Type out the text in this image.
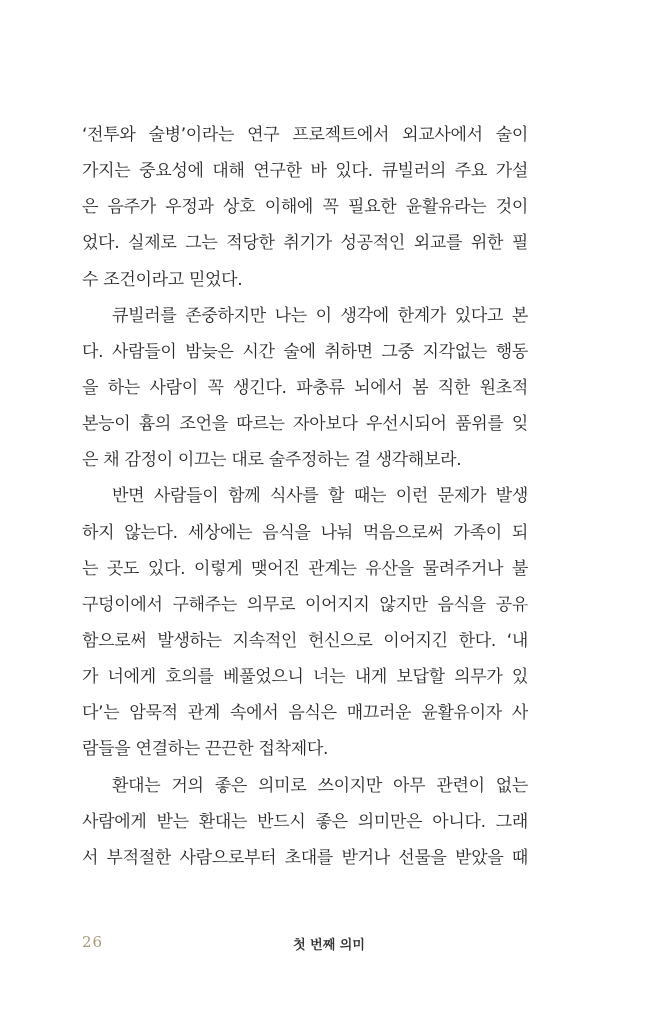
‘전투와 술병’이라는 연구 프로젝트에서 외교사에서 술이
가지는 중요성에 대해 연구한 바 있다. 큐빌러의 주요 가설
은 음주가 우정과 상호 이해에 꼭 필요한 윤활유라는 것이
었다. 실제로 그는 적당한 취기가 성공적인 외교를 위한 필
수 조건이라고 믿었다.
큐빌러를 존중하지만 나는 이 생각에 한계가 있다고 본
다. 사람들이 밤늦은 시간 술에 취하면 그중 지각없는 행동
을 하는 사람이 꼭 생긴다. 파충류 뇌에서 봄 직한 원초적
본능이 흄의 조언을 따르는 자아보다 우선시되어 품위를 잊
은 채 감정이 이끄는 대로 술주정하는 걸 생각해보라.
반면 사람들이 함께 식사를 할 때는 이런 문제가 발생
하지 않는다. 세상에는 음식을 나눠 먹음으로써 가족이 되
는 곳도 있다. 이렇게 맺어진 관계는 유산을 물려주거나 불
구덩이에서 구해주는 의무로 이어지지 않지만 음식을 공유
함으로써 발생하는 지속적인 헌신으로 이어지긴 한다. ‘내
가 너에게 호의를 베풀었으니 너는 내게 보답할 의무가 있
다’는 암묵적 관계 속에서 음식은 매끄러운 윤활유이자 사
람들을 연결하는 끈끈한 접착제다.
환대는 거의 좋은 의미로 쓰이지만 아무 관련이 없는
사람에게 받는 환대는 반드시 좋은 의미만은 아니다. 그래
서 부적절한 사람으로부터 초대를 받거나 선물을 받았을 때
26	첫 번째 의미
